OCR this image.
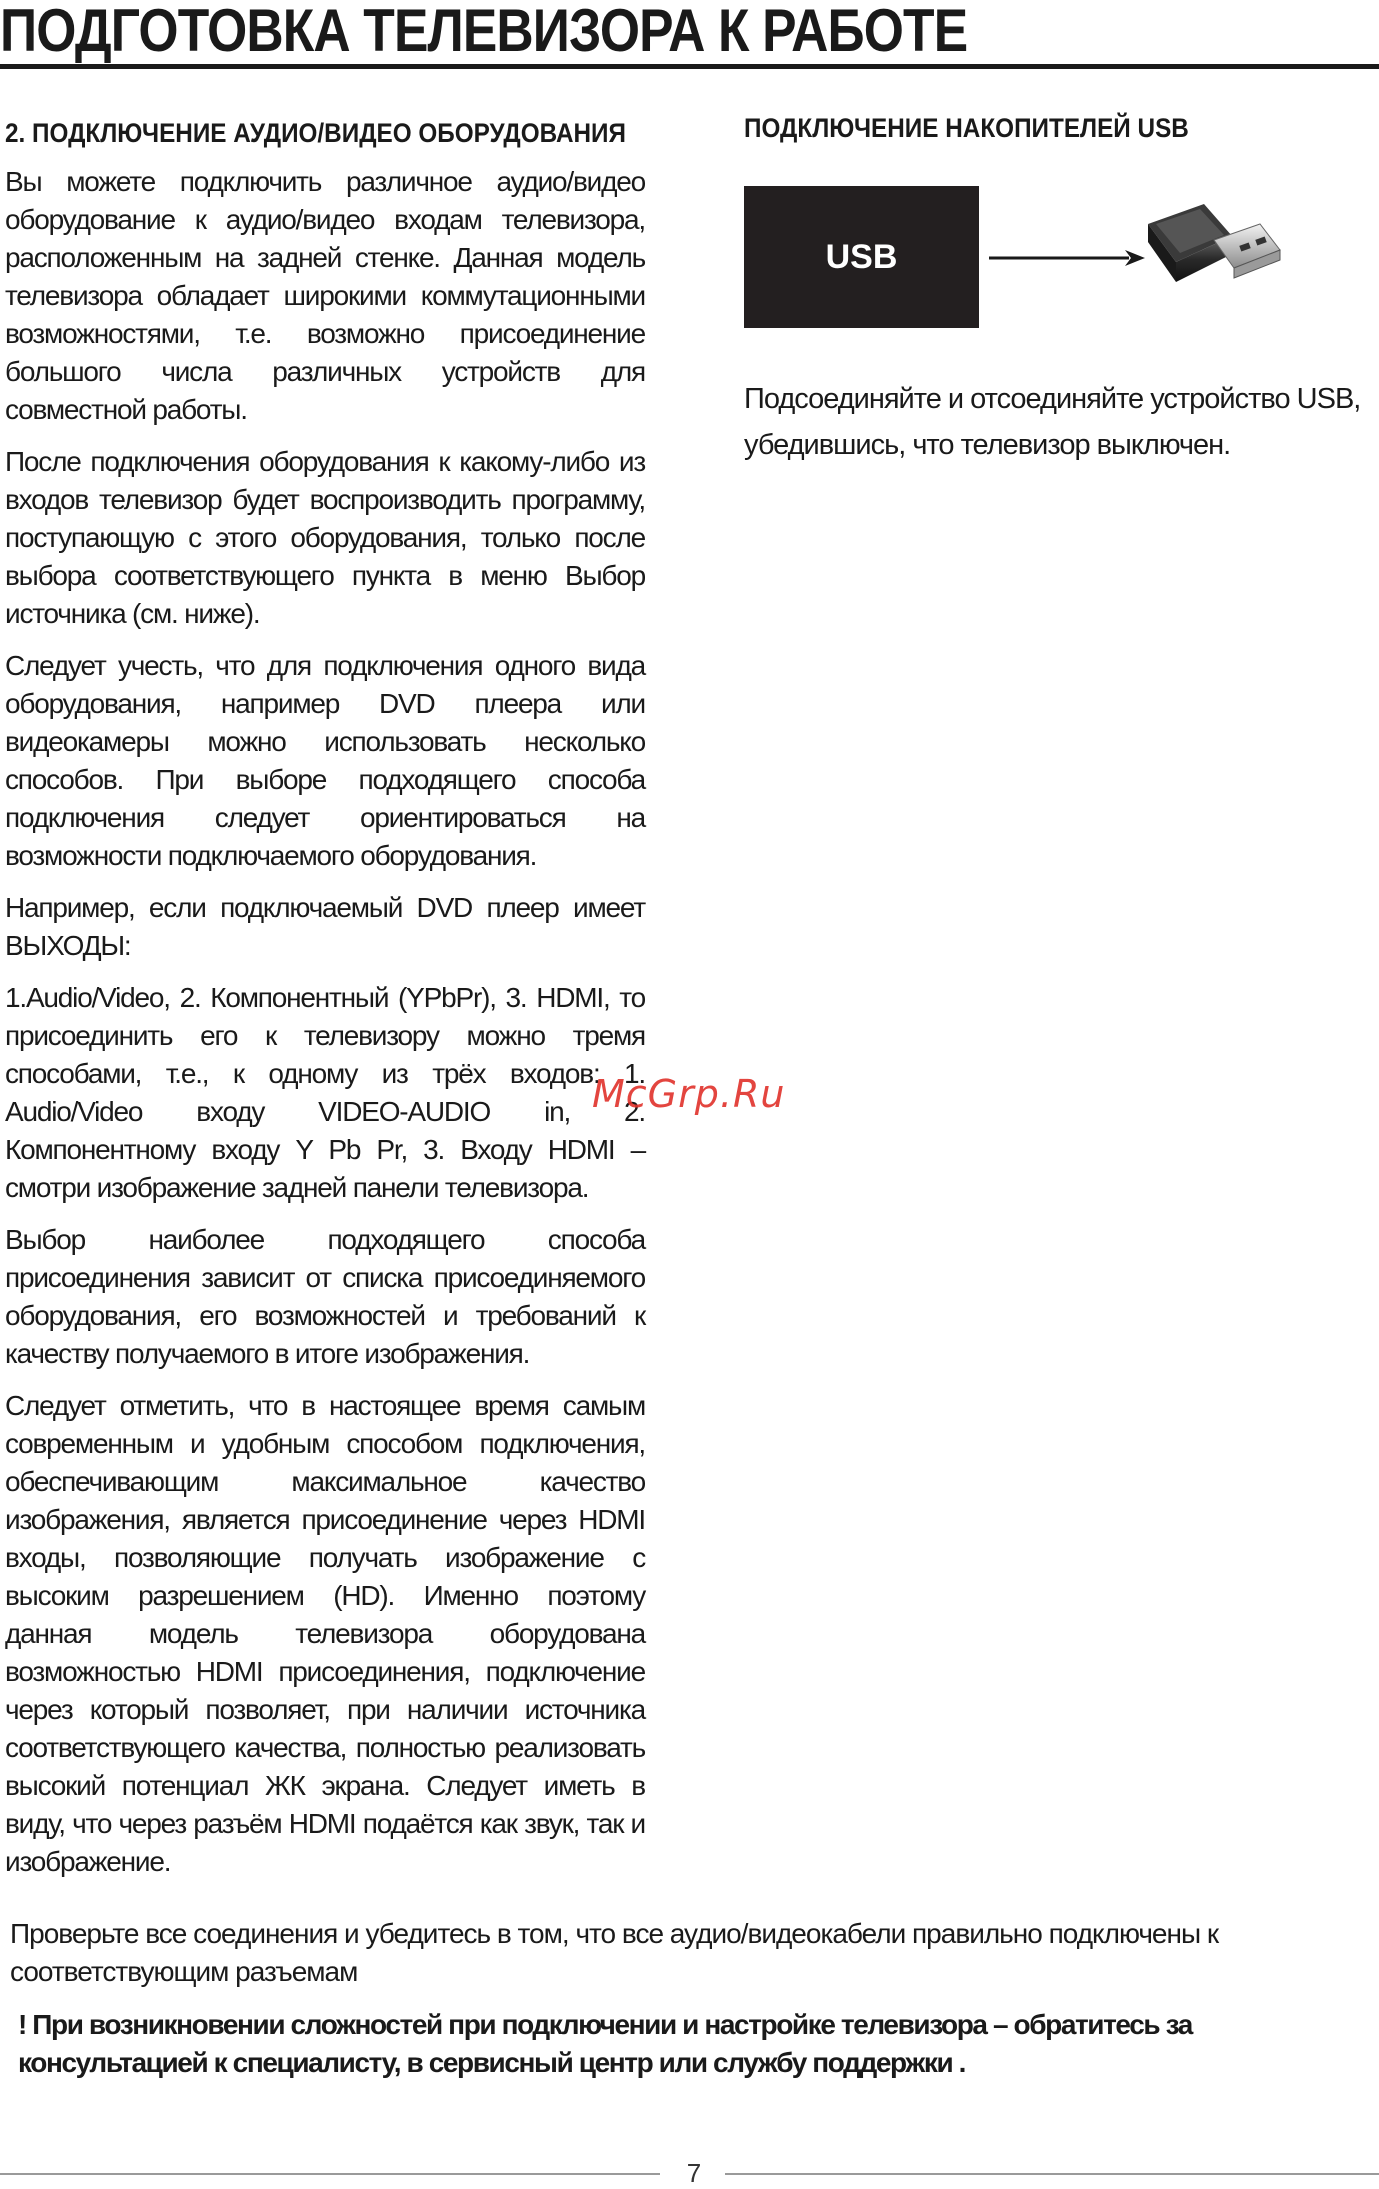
ПОДГОТОВКА ТЕЛЕВИЗОРА К РАБОТЕ
2. ПОДКЛЮЧЕНИЕ АУДИО/ВИДЕО ОБОРУДОВАНИЯ

Вы можете подключить различное аудио/видео оборудование к аудио/видео входам телевизора, расположенным на задней стенке. Данная модель телевизора обладает широкими коммутационными возможностями, т.е. возможно присоединение большого числа различных устройств для совместной работы.

После подключения оборудования к какому-либо из входов телевизор будет воспроизводить программу, поступающую с этого оборудования, только после выбора соответствующего пункта в меню Выбор источника (см. ниже).

Следует учесть, что для подключения одного вида оборудования, например DVD плеера или видеокамеры можно использовать несколько способов. При выборе подходящего способа подключения следует ориентироваться на возможности подключаемого оборудования.

Например, если подключаемый DVD плеер имеет ВЫХОДЫ:

1.Audio/Video, 2. Компонентный (YPbPr), 3. HDMI, то присоединить его к телевизору можно тремя способами, т.е., к одному из трёх входов: 1. Audio/Video входу VIDEO-AUDIO in, 2. Компонентному входу Y Pb Pr, 3. Входу HDMI – смотри изображение задней панели телевизора.

Выбор наиболее подходящего способа присоединения зависит от списка присоединяемого оборудования, его возможностей и требований к качеству получаемого в итоге изображения.

Следует отметить, что в настоящее время самым современным и удобным способом подключения, обеспечивающим максимальное качество изображения, является присоединение через HDMI входы, позволяющие получать изображение с высоким разрешением (HD). Именно поэтому данная модель телевизора оборудована возможностью HDMI присоединения, подключение через который позволяет, при наличии источника соответствующего качества, полностью реализовать высокий потенциал ЖК экрана. Следует иметь в виду, что через разъём HDMI подаётся как звук, так и изображение.

ПОДКЛЮЧЕНИЕ НАКОПИТЕЛЕЙ USB
USB
Подсоединяйте и отсоединяйте устройство USB, убедившись, что телевизор выключен.
McGrp.Ru
Проверьте все соединения и убедитесь в том, что все аудио/видеокабели правильно подключены к соответствующим разъемам
! При возникновении сложностей при подключении и настройке телевизора – обратитесь за консультацией к специалисту, в сервисный центр или службу поддержки .
7
